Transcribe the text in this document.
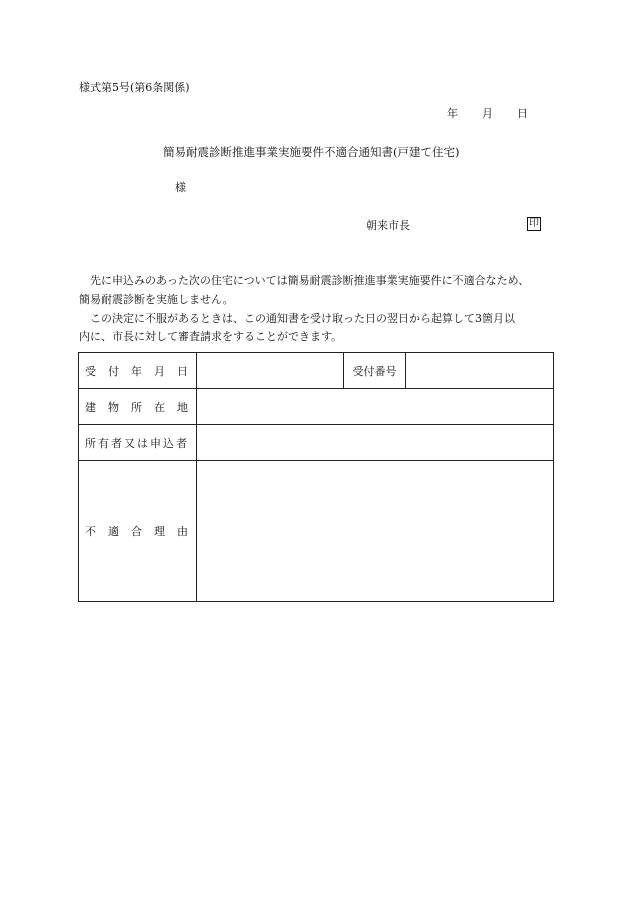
様式第5号(第6条関係)
年 月 日
簡易耐震診断推進事業実施要件不適合通知書(戸建て住宅)
様
朝来市長	印
　先に申込みのあった次の住宅については簡易耐震診断推進事業実施要件に不適合なため、
簡易耐震診断を実施しません。
　この決定に不服があるときは、この通知書を受け取った日の翌日から起算して3箇月以
内に、市長に対して審査請求をすることができます。
受 付 年 月 日		受付番号	

建 物 所 在 地			

所有者又は申込者			

不 適 合 理 由			
